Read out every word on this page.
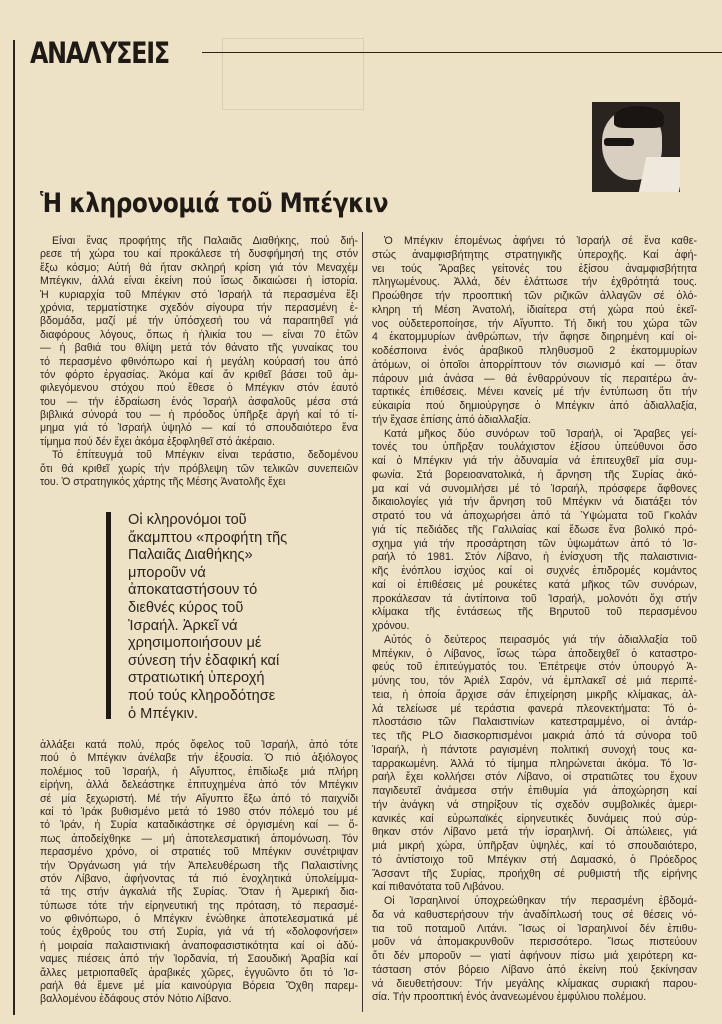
ΑΝΑΛΥΣΕΙΣ
Ἡ κληρονομιά τοῦ Μπέγκιν
Εἶναι ἕνας προφήτης τῆς Παλαιᾶς Διαθήκης, πού διή-
ρεσε τή χώρα του καί προκάλεσε τή δυσφήμησή της στόν
ἔξω κόσμο; Αὐτή θά ἦταν σκληρή κρίση γιά τόν Μεναχέμ
Μπέγκιν, ἀλλά εἶναι ἐκείνη πού ἴσως δικαιώσει ἡ ἱστορία.
Ἡ κυριαρχία τοῦ Μπέγκιν στό Ἰσραήλ τά περασμένα ἕξι
χρόνια, τερματίστηκε σχεδόν σίγουρα τήν περασμένη ἑ-
βδομάδα, μαζί μέ τήν ὑπόσχεσή του νά παραιτηθεῖ γιά
διαφόρους λόγους, ὅπως ἡ ἡλικία του — εἶναι 70 ἐτῶν
— ἡ βαθιά του θλίψη μετά τόν θάνατο τῆς γυναίκας του
τό περασμένο φθινόπωρο καί ἡ μεγάλη κούρασή του ἀπό
τόν φόρτο ἐργασίας. Ἀκόμα καί ἄν κριθεῖ βάσει τοῦ ἀμ-
φιλεγόμενου στόχου πού ἔθεσε ὁ Μπέγκιν στόν ἑαυτό
του — τήν ἑδραίωση ἑνός Ἰσραήλ ἀσφαλοῦς μέσα στά
βιβλικά σύνορά του — ἡ πρόοδος ὑπῆρξε ἀργή καί τό τί-
μημα γιά τό Ἰσραήλ ὑψηλό — καί τό σπουδαιότερο ἕνα
τίμημα πού δέν ἔχει ἀκόμα ἐξοφληθεῖ στό ἀκέραιο.
Τό ἐπίτευγμά τοῦ Μπέγκιν εἶναι τεράστιο, δεδομένου
ὅτι θά κριθεῖ χωρίς τήν πρόβλεψη τῶν τελικῶν συνεπειῶν
του. Ὁ στρατηγικός χάρτης τῆς Μέσης Ἀνατολῆς ἔχει
Οἱ κληρονόμοι τοῦ
ἄκαμπτου «προφήτη τῆς
Παλαιᾶς Διαθήκης»
μποροῦν νά
ἀποκαταστήσουν τό
διεθνές κύρος τοῦ
Ἰσραήλ. Ἀρκεῖ νά
χρησιμοποιήσουν μέ
σύνεση τήν ἐδαφική καί
στρατιωτική ὑπεροχή
πού τούς κληροδότησε
ὁ Μπέγκιν.
ἀλλάξει κατά πολύ, πρός ὄφελος τοῦ Ἰσραήλ, ἀπό τότε
πού ὁ Μπέγκιν ἀνέλαβε τήν ἐξουσία. Ὁ πιό ἀξιόλογος
πολέμιος τοῦ Ἰσραήλ, ἡ Αἴγυπτος, ἐπιδίωξε μιά πλήρη
εἰρήνη, ἀλλά δελεάστηκε ἐπιτυχημένα ἀπό τόν Μπέγκιν
σέ μία ξεχωριστή. Μέ τήν Αἴγυπτο ἔξω ἀπό τό παιχνίδι
καί τό Ἰράκ βυθισμένο μετά τό 1980 στόν πόλεμό του μέ
τό Ἰράν, ἡ Συρία καταδικάστηκε σέ ὀργισμένη καί — ὅ-
πως ἀποδείχθηκε — μή ἀποτελεσματική ἀπομόνωση. Τόν
περασμένο χρόνο, οἱ στρατιές τοῦ Μπέγκιν συνέτριψαν
τήν Ὀργάνωση γιά τήν Ἀπελευθέρωση τῆς Παλαιστίνης
στόν Λίβανο, ἀφήνοντας τά πιό ἐνοχλητικά ὑπολείμμα-
τά της στήν ἀγκαλιά τῆς Συρίας. Ὅταν ἡ Ἀμερική δια-
τύπωσε τότε τήν εἰρηνευτική της πρόταση, τό περασμέ-
νο φθινόπωρο, ὁ Μπέγκιν ἑνώθηκε ἀποτελεσματικά μέ
τούς ἐχθρούς του στή Συρία, γιά νά τή «δολοφονήσει»
ἡ μοιραία παλαιστινιακή ἀναποφασιστικότητα καί οἱ ἀδύ-
ναμες πιέσεις ἀπό τήν Ἰορδανία, τή Σαουδική Ἀραβία καί
ἄλλες μετριοπαθεῖς ἀραβικές χῶρες, ἐγγυῶντο ὅτι τό Ἰσ-
ραήλ θά ἔμενε μέ μία καινούργια Βόρεια Ὄχθη παρεμ-
βαλλομένου ἐδάφους στόν Νότιο Λίβανο.
Ὁ Μπέγκιν ἑπομένως ἀφήνει τό Ἰσραήλ σέ ἕνα καθε-
στώς ἀναμφισβήτητης στρατηγικῆς ὑπεροχῆς. Καί ἀφή-
νει τούς Ἄραβες γείτονές του ἐξίσου ἀναμφισβήτητα
πληγωμένους. Ἀλλά, δέν ἐλάττωσε τήν ἐχθρότητά τους.
Προώθησε τήν προοπτική τῶν ριζικῶν ἀλλαγῶν σέ ὁλό-
κληρη τή Μέση Ἀνατολή, ἰδιαίτερα στή χώρα πού ἐκεῖ-
νος οὐδετεροποίησε, τήν Αἴγυπτο. Τή δική του χώρα τῶν
4 ἑκατομμυρίων ἀνθρώπων, τήν ἄφησε διηρημένη καί οἰ-
κοδέσποινα ἑνός ἀραβικοῦ πληθυσμοῦ 2 ἑκατομμυρίων
ἀτόμων, οἱ ὁποῖοι ἀπορρίπτουν τόν σιωνισμό καί — ὅταν
πάρουν μιά ἀνάσα — θά ἐνθαρρύνουν τίς περαιτέρω ἀν-
ταρτικές ἐπιθέσεις. Μένει κανείς μέ τήν ἐντύπωση ὅτι τήν
εὐκαιρία πού δημιούργησε ὁ Μπέγκιν ἀπό ἀδιαλλαξία,
τήν ἔχασε ἐπίσης ἀπό ἀδιαλλαξία.
Κατά μῆκος δύο συνόρων τοῦ Ἰσραήλ, οἱ Ἄραβες γεί-
τονές του ὑπῆρξαν τουλάχιστον ἐξίσου ὑπεύθυνοι ὅσο
καί ὁ Μπέγκιν γιά τήν ἀδυναμία νά ἐπιτευχθεῖ μία συμ-
φωνία. Στά βορειοανατολικά, ἡ ἄρνηση τῆς Συρίας ἀκό-
μα καί νά συνομιλήσει μέ τό Ἰσραήλ, πρόσφερε ἄφθονες
δικαιολογίες γιά τήν ἄρνηση τοῦ Μπέγκιν νά διατάξει τόν
στρατό του νά ἀποχωρήσει ἀπό τά Ὑψώματα τοῦ Γκολάν
γιά τίς πεδιάδες τῆς Γαλιλαίας καί ἔδωσε ἕνα βολικό πρό-
σχημα γιά τήν προσάρτηση τῶν ὑψωμάτων ἀπό τό Ἰσ-
ραήλ τό 1981. Στόν Λίβανο, ἡ ἐνίσχυση τῆς παλαιστινια-
κῆς ἐνόπλου ἰσχύος καί οἱ συχνές ἐπιδρομές κομάντος
καί οἱ ἐπιθέσεις μέ ρουκέτες κατά μῆκος τῶν συνόρων,
προκάλεσαν τά ἀντίποινα τοῦ Ἰσραήλ, μολονότι ὄχι στήν
κλίμακα τῆς ἐντάσεως τῆς Βηρυτοῦ τοῦ περασμένου
χρόνου.
Αὐτός ὁ δεύτερος πειρασμός γιά τήν ἀδιαλλαξία τοῦ
Μπέγκιν, ὁ Λίβανος, ἴσως τώρα ἀποδειχθεῖ ὁ καταστρο-
φεύς τοῦ ἐπιτεύγματός του. Ἐπέτρεψε στόν ὑπουργό Ἀ-
μύνης του, τόν Ἀριέλ Σαρόν, νά ἐμπλακεῖ σέ μιά περιπέ-
τεια, ἡ ὁποία ἄρχισε σάν ἐπιχείρηση μικρῆς κλίμακας, ἀλ-
λά τελείωσε μέ τεράστια φανερά πλεονεκτήματα: Τό ὁ-
πλοστάσιο τῶν Παλαιστινίων κατεστραμμένο, οἱ ἀντάρ-
τες τῆς PLO διασκορπισμένοι μακριά ἀπό τά σύνορα τοῦ
Ἰσραήλ, ἡ πάντοτε ραγισμένη πολιτική συνοχή τους κα-
ταρρακωμένη. Ἀλλά τό τίμημα πληρώνεται ἀκόμα. Τό Ἰσ-
ραήλ ἔχει κολλήσει στόν Λίβανο, οἱ στρατιῶτες του ἔχουν
παγιδευτεῖ ἀνάμεσα στήν ἐπιθυμία γιά ἀποχώρηση καί
τήν ἀνάγκη νά στηρίξουν τίς σχεδόν συμβολικές ἀμερι-
κανικές καί εὐρωπαϊκές εἰρηνευτικές δυνάμεις πού σύρ-
θηκαν στόν Λίβανο μετά τήν ἰσραηλινή. Οἱ ἀπώλειες, γιά
μιά μικρή χώρα, ὑπῆρξαν ὑψηλές, καί τό σπουδαιότερο,
τό ἀντίστοιχο τοῦ Μπέγκιν στή Δαμασκό, ὁ Πρόεδρος
Ἄσσαντ τῆς Συρίας, προήχθη σέ ρυθμιστή τῆς εἰρήνης
καί πιθανότατα τοῦ Λιβάνου.
Οἱ Ἰσραηλινοί ὑποχρεώθηκαν τήν περασμένη ἑβδομά-
δα νά καθυστερήσουν τήν ἀναδίπλωσή τους σέ θέσεις νό-
τια τοῦ ποταμοῦ Λιτάνι. Ἴσως οἱ Ἰσραηλινοί δέν ἐπιθυ-
μοῦν νά ἀπομακρυνθοῦν περισσότερο. Ἴσως πιστεύουν
ὅτι δέν μποροῦν — γιατί ἀφήνουν πίσω μιά χειρότερη κα-
τάσταση στόν βόρειο Λίβανο ἀπό ἐκείνη πού ξεκίνησαν
νά διευθετήσουν: Τήν μεγάλης κλίμακας συριακή παρου-
σία. Τήν προοπτική ἑνός ἀνανεωμένου ἐμφύλιου πολέμου.
